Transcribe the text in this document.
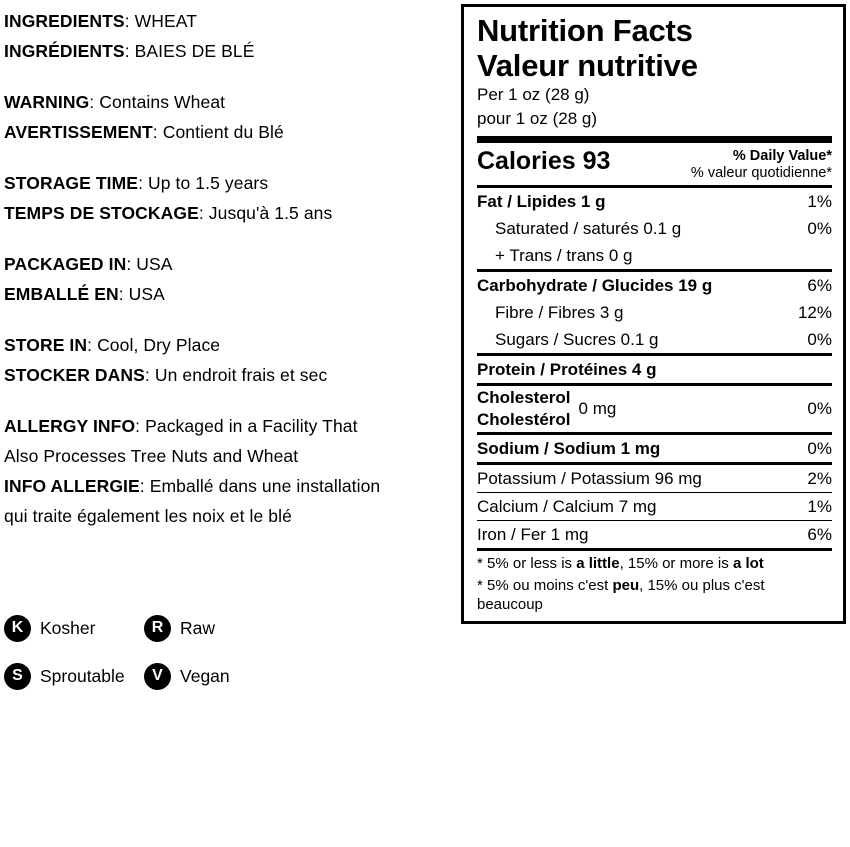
INGREDIENTS: WHEAT
INGRÉDIENTS: BAIES DE BLÉ
WARNING: Contains Wheat
AVERTISSEMENT: Contient du Blé
STORAGE TIME: Up to 1.5 years
TEMPS DE STOCKAGE: Jusqu'à 1.5 ans
PACKAGED IN: USA
EMBALLÉ EN: USA
STORE IN: Cool, Dry Place
STOCKER DANS: Un endroit frais et sec
ALLERGY INFO: Packaged in a Facility That
Also Processes Tree Nuts and Wheat
INFO ALLERGIE: Emballé dans une installation
qui traite également les noix et le blé
K Kosher	R Raw
S Sproutable	V Vegan
Nutrition Facts
Valeur nutritive
Per 1 oz (28 g)
pour 1 oz (28 g)
Calories 93	% Daily Value*
% valeur quotidienne*
Fat / Lipides 1 g	1%
Saturated / saturés 0.1 g	0%
+ Trans / trans 0 g
Carbohydrate / Glucides 19 g	6%
Fibre / Fibres 3 g	12%
Sugars / Sucres 0.1 g	0%
Protein / Protéines 4 g
Cholesterol
Cholestérol
0 mg	0%
Sodium / Sodium 1 mg	0%
Potassium / Potassium 96 mg	2%
Calcium / Calcium 7 mg	1%
Iron / Fer 1 mg	6%
* 5% or less is a little, 15% or more is a lot
* 5% ou moins c'est peu, 15% ou plus c'est
beaucoup
